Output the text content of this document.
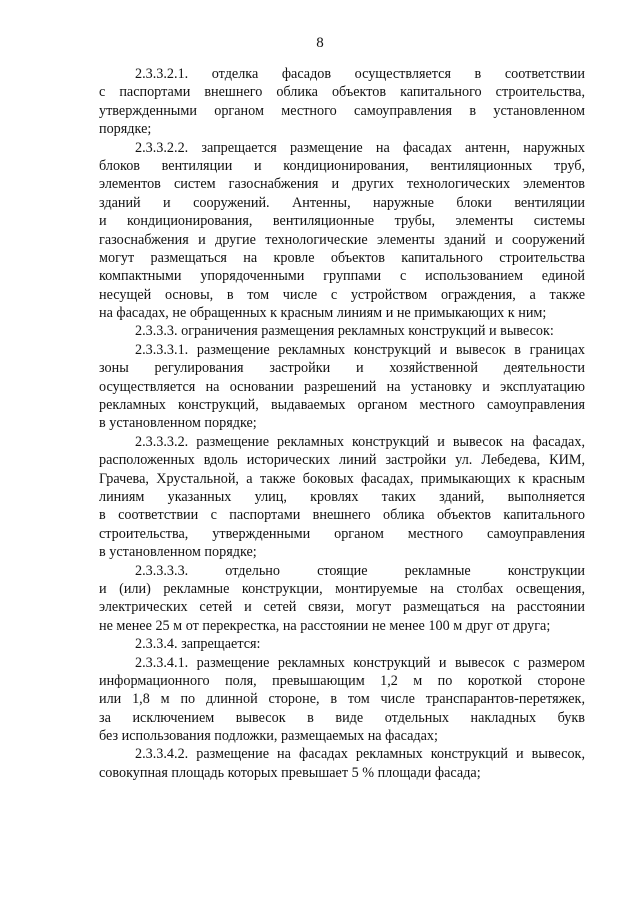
8
2.3.3.2.1. отделка фасадов осуществляется в соответствии
с паспортами внешнего облика объектов капитального строительства,
утвержденными органом местного самоуправления в установленном
порядке;
2.3.3.2.2. запрещается размещение на фасадах антенн, наружных
блоков вентиляции и кондиционирования, вентиляционных труб,
элементов систем газоснабжения и других технологических элементов
зданий и сооружений. Антенны, наружные блоки вентиляции
и кондиционирования, вентиляционные трубы, элементы системы
газоснабжения и другие технологические элементы зданий и сооружений
могут размещаться на кровле объектов капитального строительства
компактными упорядоченными группами с использованием единой
несущей основы, в том числе с устройством ограждения, а также
на фасадах, не обращенных к красным линиям и не примыкающих к ним;
2.3.3.3. ограничения размещения рекламных конструкций и вывесок:
2.3.3.3.1. размещение рекламных конструкций и вывесок в границах
зоны регулирования застройки и хозяйственной деятельности
осуществляется на основании разрешений на установку и эксплуатацию
рекламных конструкций, выдаваемых органом местного самоуправления
в установленном порядке;
2.3.3.3.2. размещение рекламных конструкций и вывесок на фасадах,
расположенных вдоль исторических линий застройки ул. Лебедева, КИМ,
Грачева, Хрустальной, а также боковых фасадах, примыкающих к красным
линиям указанных улиц, кровлях таких зданий, выполняется
в соответствии с паспортами внешнего облика объектов капитального
строительства, утвержденными органом местного самоуправления
в установленном порядке;
2.3.3.3.3. отдельно стоящие рекламные конструкции
и (или) рекламные конструкции, монтируемые на столбах освещения,
электрических сетей и сетей связи, могут размещаться на расстоянии
не менее 25 м от перекрестка, на расстоянии не менее 100 м друг от друга;
2.3.3.4. запрещается:
2.3.3.4.1. размещение рекламных конструкций и вывесок с размером
информационного поля, превышающим 1,2 м по короткой стороне
или 1,8 м по длинной стороне, в том числе транспарантов-перетяжек,
за исключением вывесок в виде отдельных накладных букв
без использования подложки, размещаемых на фасадах;
2.3.3.4.2. размещение на фасадах рекламных конструкций и вывесок,
совокупная площадь которых превышает 5 % площади фасада;
